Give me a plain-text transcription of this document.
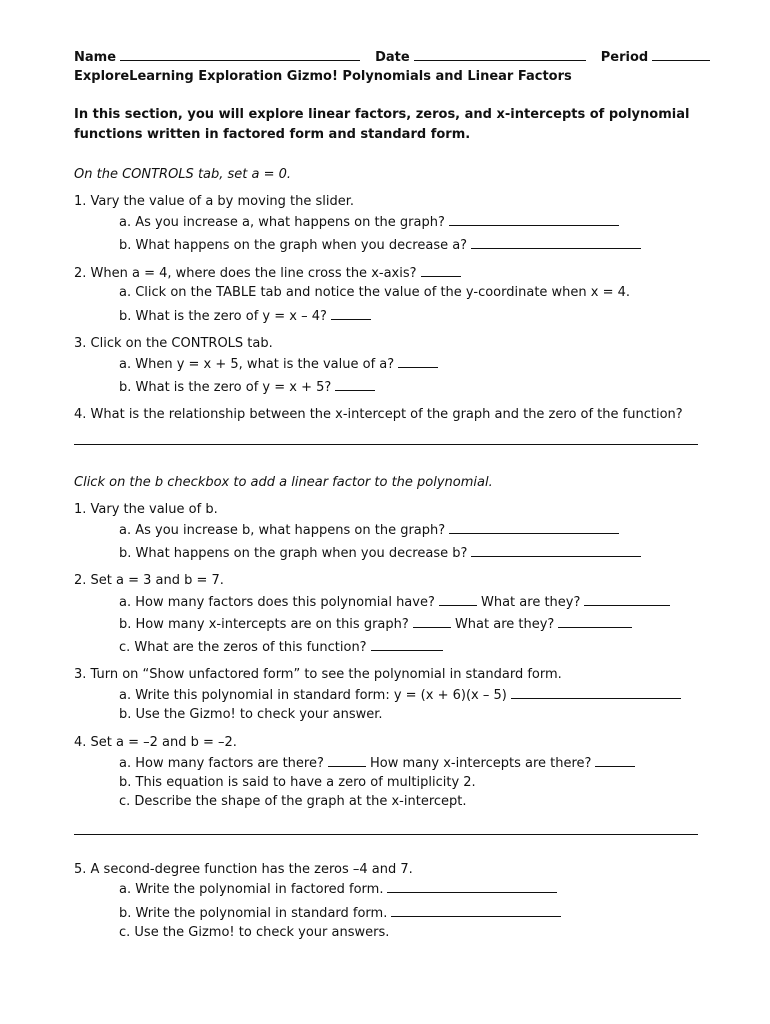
Name	Date	Period
ExploreLearning Exploration Gizmo! Polynomials and Linear Factors
In this section, you will explore linear factors, zeros, and x-intercepts of polynomial
functions written in factored form and standard form.
On the CONTROLS tab, set a = 0.
1. Vary the value of a by moving the slider.
a. As you increase a, what happens on the graph?
b. What happens on the graph when you decrease a?
2. When a = 4, where does the line cross the x-axis?
a. Click on the TABLE tab and notice the value of the y-coordinate when x = 4.
b. What is the zero of y = x – 4?
3. Click on the CONTROLS tab.
a. When y = x + 5, what is the value of a?
b. What is the zero of y = x + 5?
4. What is the relationship between the x-intercept of the graph and the zero of the function?
Click on the b checkbox to add a linear factor to the polynomial.
1. Vary the value of b.
a. As you increase b, what happens on the graph?
b. What happens on the graph when you decrease b?
2. Set a = 3 and b = 7.
a. How many factors does this polynomial have?	What are they?
b. How many x-intercepts are on this graph?	What are they?
c. What are the zeros of this function?
3. Turn on “Show unfactored form” to see the polynomial in standard form.
a. Write this polynomial in standard form: y = (x + 6)(x – 5)
b. Use the Gizmo! to check your answer.
4. Set a = –2 and b = –2.
a. How many factors are there?	How many x-intercepts are there?
b. This equation is said to have a zero of multiplicity 2.
c. Describe the shape of the graph at the x-intercept.
5. A second-degree function has the zeros –4 and 7.
a. Write the polynomial in factored form.
b. Write the polynomial in standard form.
c. Use the Gizmo! to check your answers.
